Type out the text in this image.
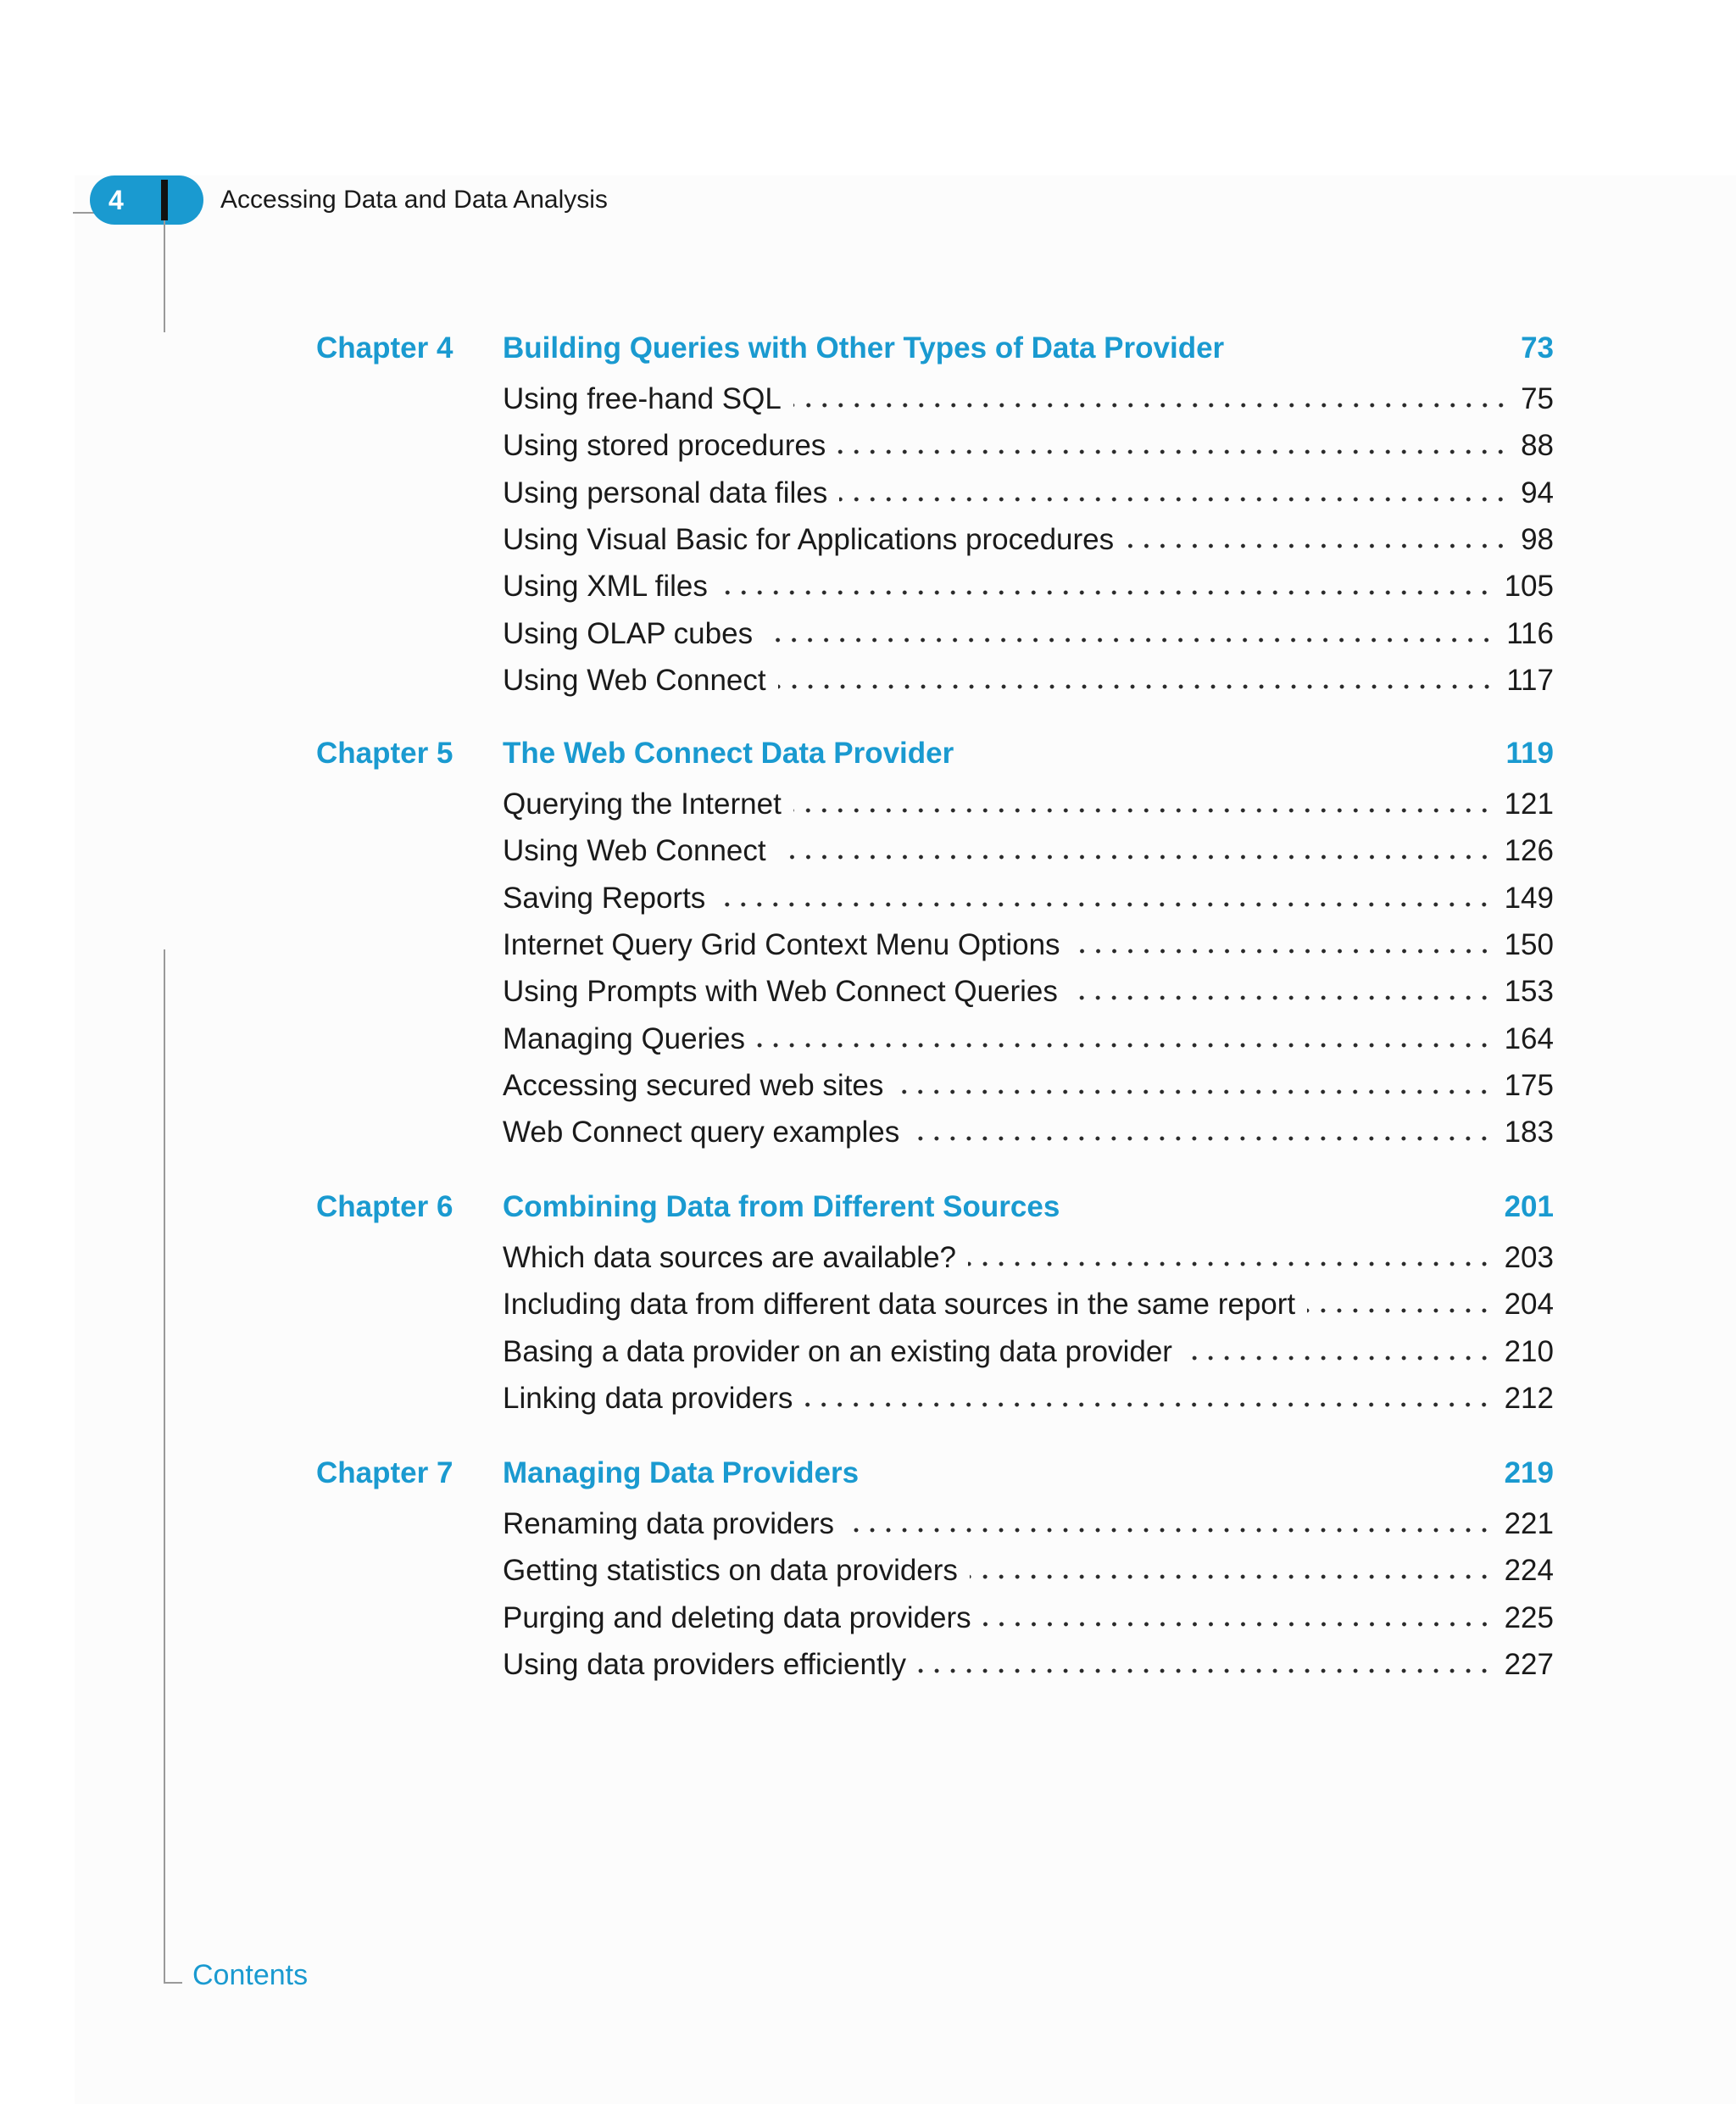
4	Accessing Data and Data Analysis
Contents
Chapter 4 Building Queries with Other Types of Data Provider	73
Using free-hand SQL	75
Using stored procedures	88
Using personal data files	94
Using Visual Basic for Applications procedures	98
Using XML files	105
Using OLAP cubes	116
Using Web Connect	117
Chapter 5 The Web Connect Data Provider	119
Querying the Internet	121
Using Web Connect	126
Saving Reports	149
Internet Query Grid Context Menu Options	150
Using Prompts with Web Connect Queries	153
Managing Queries	164
Accessing secured web sites	175
Web Connect query examples	183
Chapter 6 Combining Data from Different Sources	201
Which data sources are available?	203
Including data from different data sources in the same report	204
Basing a data provider on an existing data provider	210
Linking data providers	212
Chapter 7 Managing Data Providers	219
Renaming data providers	221
Getting statistics on data providers	224
Purging and deleting data providers	225
Using data providers efficiently	227
